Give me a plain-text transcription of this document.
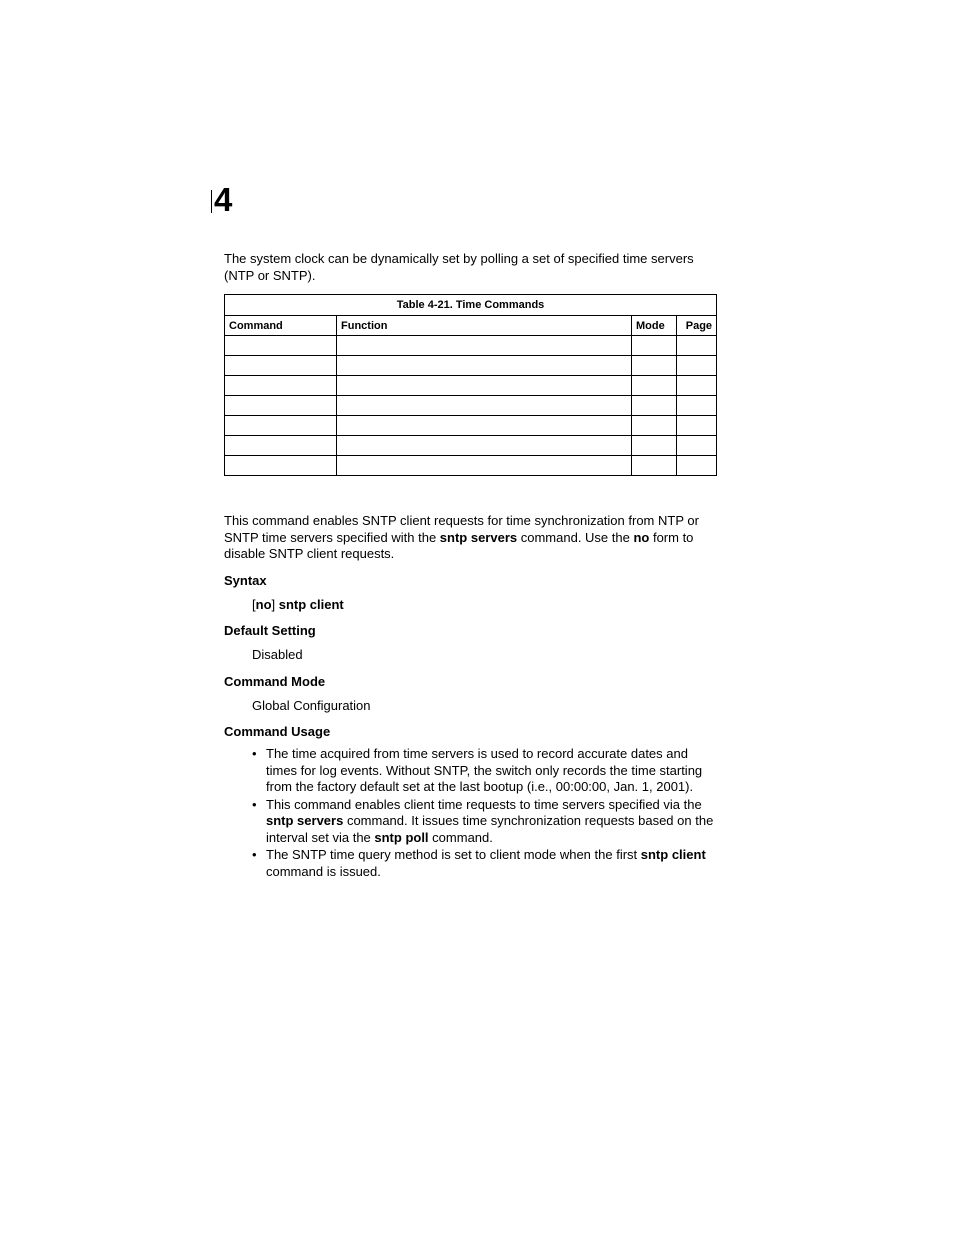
4

The system clock can be dynamically set by polling a set of specified time servers (NTP or SNTP).

Table 4-21. Time Commands			
Command	Function	Mode	Page

This command enables SNTP client requests for time synchronization from NTP or SNTP time servers specified with the sntp servers command. Use the no form to disable SNTP client requests.

Syntax

[no] sntp client

Default Setting

Disabled

Command Mode

Global Configuration

Command Usage
• The time acquired from time servers is used to record accurate dates and times for log events. Without SNTP, the switch only records the time starting from the factory default set at the last bootup (i.e., 00:00:00, Jan. 1, 2001).
• This command enables client time requests to time servers specified via the sntp servers command. It issues time synchronization requests based on the interval set via the sntp poll command.
• The SNTP time query method is set to client mode when the first sntp client command is issued.
